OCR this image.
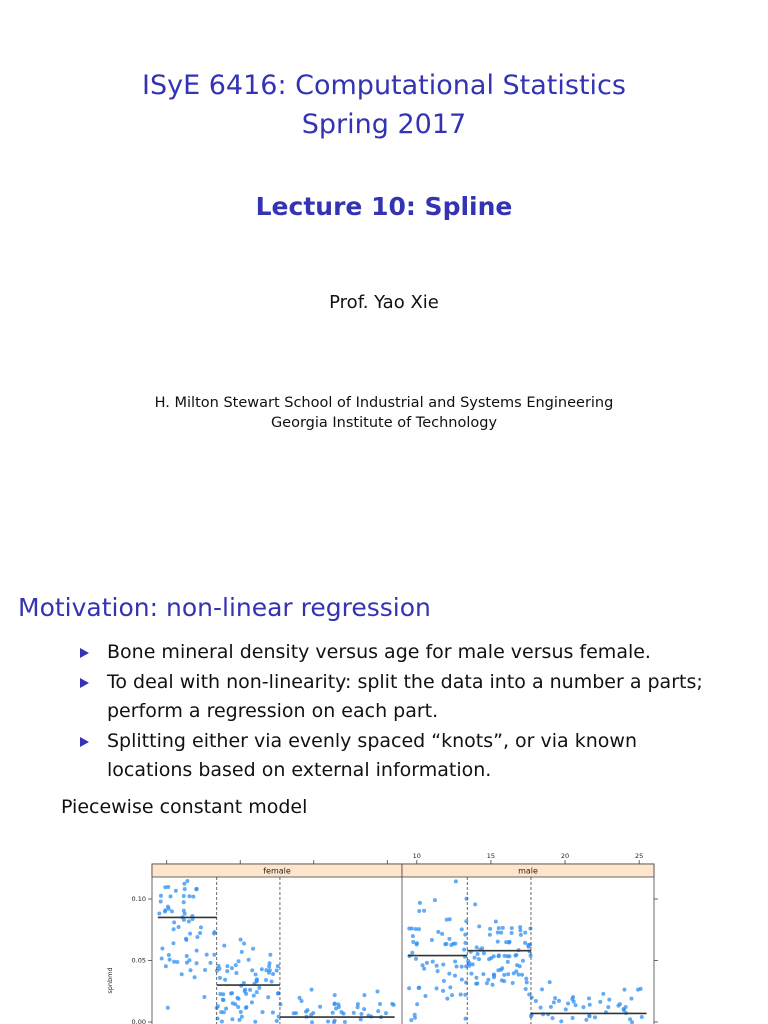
ISyE 6416: Computational Statistics
Spring 2017
Lecture 10: Spline
Prof. Yao Xie
H. Milton Stewart School of Industrial and Systems Engineering
Georgia Institute of Technology
Motivation: non-linear regression
Bone mineral density versus age for male versus female.
To deal with non-linearity: split the data into a number a parts; perform a regression on each part.
Splitting either via evenly spaced “knots”, or via known locations based on external information.
Piecewise constant model
female	male
10	15	20	25
0.00
0.05
0.10
spnbmd
